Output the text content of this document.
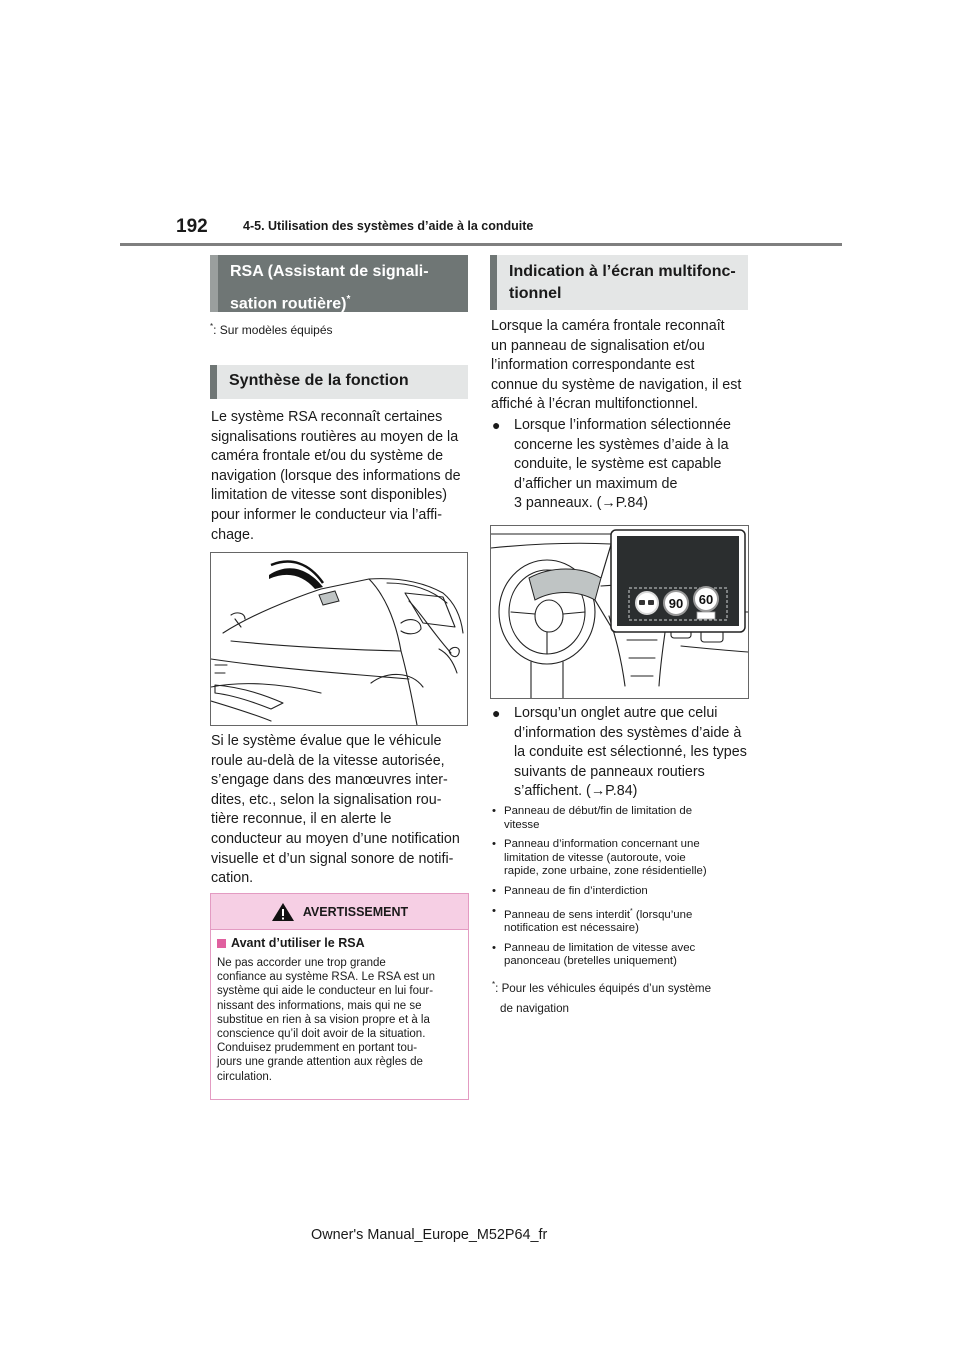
192	4-5. Utilisation des systèmes d’aide à la conduite
RSA (Assistant de signali-
sation routière)*
*: Sur modèles équipés
Synthèse de la fonction
Le système RSA reconnaît certaines
signalisations routières au moyen de la
caméra frontale et/ou du système de
navigation (lorsque des informations de
limitation de vitesse sont disponibles)
pour informer le conducteur via l’affi-
chage.
Si le système évalue que le véhicule
roule au-delà de la vitesse autorisée,
s’engage dans des manœuvres inter-
dites, etc., selon la signalisation rou-
tière reconnue, il en alerte le
conducteur au moyen d’une notification
visuelle et d’un signal sonore de notifi-
cation.
AVERTISSEMENT
Avant d’utiliser le RSA
Ne pas accorder une trop grande
confiance au système RSA. Le RSA est un
système qui aide le conducteur en lui four-
nissant des informations, mais qui ne se
substitue en rien à sa vision propre et à la
conscience qu’il doit avoir de la situation.
Conduisez prudemment en portant tou-
jours une grande attention aux règles de
circulation.
Indication à l’écran multifonc-
tionnel
Lorsque la caméra frontale reconnaît
un panneau de signalisation et/ou
l’information correspondante est
connue du système de navigation, il est
affiché à l’écran multifonctionnel.
● Lorsque l’information sélectionnée
concerne les systèmes d’aide à la
conduite, le système est capable
d’afficher un maximum de
3 panneaux. (→P.84)
90 60
● Lorsqu’un onglet autre que celui
d’information des systèmes d’aide à
la conduite est sélectionné, les types
suivants de panneaux routiers
s’affichent. (→P.84)
• Panneau de début/fin de limitation de
vitesse
• Panneau d’information concernant une
limitation de vitesse (autoroute, voie
rapide, zone urbaine, zone résidentielle)
• Panneau de fin d’interdiction
• Panneau de sens interdit* (lorsqu’une
notification est nécessaire)
• Panneau de limitation de vitesse avec
panonceau (bretelles uniquement)
*: Pour les véhicules équipés d’un système
de navigation
Owner's Manual_Europe_M52P64_fr
